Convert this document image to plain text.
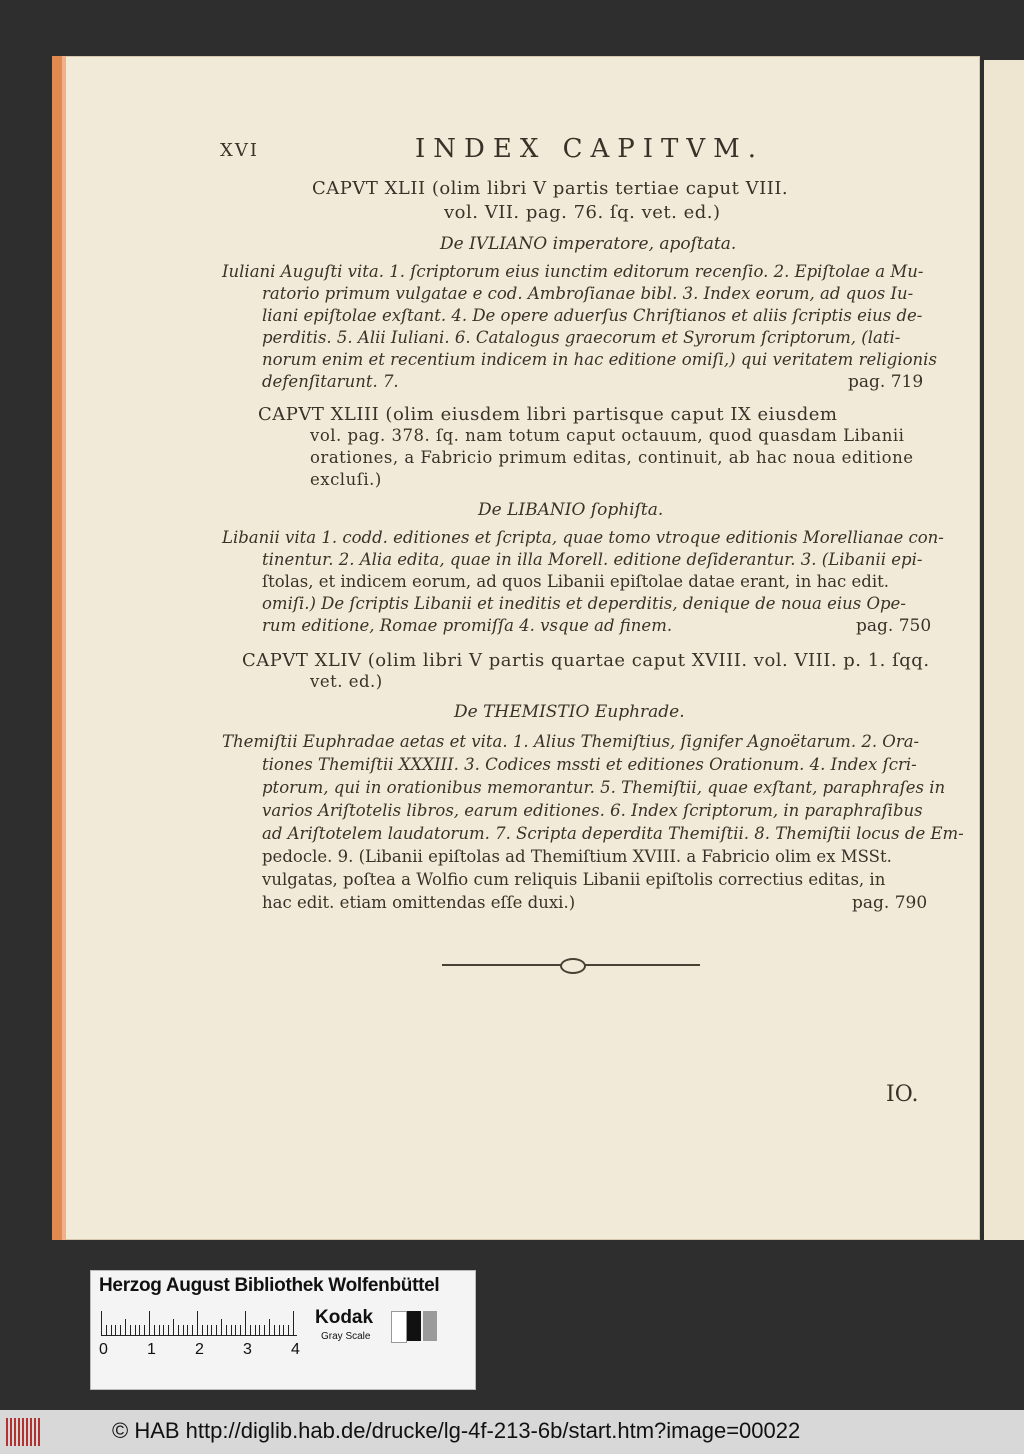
XVI	INDEX CAPITVM.
CAPVT XLII (olim libri V partis tertiae caput VIII.
vol. VII. pag. 76. ſq. vet. ed.)
De IVLIANO imperatore, apoſtata.
Iuliani Auguſti vita. 1. ſcriptorum eius iunctim editorum recenſio. 2. Epiſtolae a Mu-
ratorio primum vulgatae e cod. Ambroſianae bibl. 3. Index eorum, ad quos Iu-
liani epiſtolae exſtant. 4. De opere aduerſus Chriſtianos et aliis ſcriptis eius de-
perditis. 5. Alii Iuliani. 6. Catalogus graecorum et Syrorum ſcriptorum, (lati-
norum enim et recentium indicem in hac editione omiſi,) qui veritatem religionis
defenſitarunt. 7.	pag. 719
CAPVT XLIII (olim eiusdem libri partisque caput IX eiusdem
vol. pag. 378. ſq. nam totum caput octauum, quod quasdam Libanii
orationes, a Fabricio primum editas, continuit, ab hac noua editione
excluſi.)
De LIBANIO ſophiſta.
Libanii vita 1. codd. editiones et ſcripta, quae tomo vtroque editionis Morellianae con-
tinentur. 2. Alia edita, quae in illa Morell. editione deſiderantur. 3. (Libanii epi-
ſtolas, et indicem eorum, ad quos Libanii epiſtolae datae erant, in hac edit.
omiſi.) De ſcriptis Libanii et ineditis et deperditis, denique de noua eius Ope-
rum editione, Romae promiſſa 4. vsque ad finem.	pag. 750
CAPVT XLIV (olim libri V partis quartae caput XVIII. vol. VIII. p. 1. ſqq.
vet. ed.)
De THEMISTIO Euphrade.
Themiſtii Euphradae aetas et vita. 1. Alius Themiſtius, ſignifer Agnoëtarum. 2. Ora-
tiones Themiſtii XXXIII. 3. Codices mssti et editiones Orationum. 4. Index ſcri-
ptorum, qui in orationibus memorantur. 5. Themiſtii, quae exſtant, paraphraſes in
varios Ariſtotelis libros, earum editiones. 6. Index ſcriptorum, in paraphraſibus
ad Ariſtotelem laudatorum. 7. Scripta deperdita Themiſtii. 8. Themiſtii locus de Em-
pedocle. 9. (Libanii epiſtolas ad Themiſtium XVIII. a Fabricio olim ex MSSt.
vulgatas, poſtea a Wolfio cum reliquis Libanii epiſtolis correctius editas, in
hac edit. etiam omittendas eſſe duxi.)	pag. 790
IO.
Herzog August Bibliothek Wolfenbüttel
0 1 2 3 4
Kodak
Gray Scale
© HAB http://diglib.hab.de/drucke/lg-4f-213-6b/start.htm?image=00022
